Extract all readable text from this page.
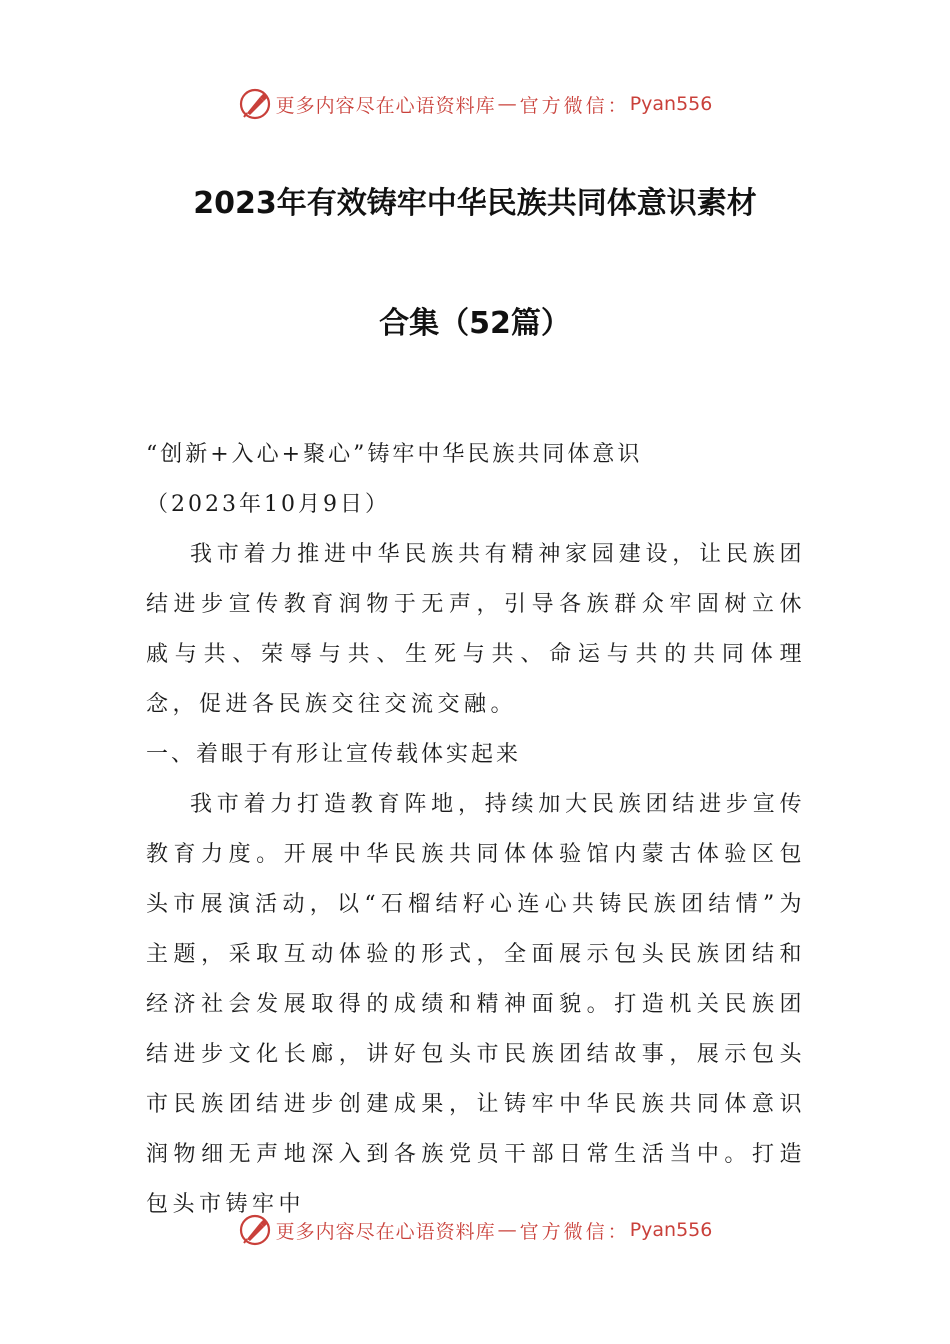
更多内容尽在心语资料库 — 官方微信： Pyan556
2023年有效铸牢中华民族共同体意识素材
合集（52篇）

“创新+入心+聚心”铸牢中华民族共同体意识

（2023年10月9日）

我市着力推进中华民族共有精神家园建设，让民族团结进步宣传教育润物于无声，引导各族群众牢固树立休戚与共、荣辱与共、生死与共、命运与共的共同体理念，促进各民族交往交流交融。

一、着眼于有形让宣传载体实起来

我市着力打造教育阵地，持续加大民族团结进步宣传教育力度。开展中华民族共同体体验馆内蒙古体验区包头市展演活动，以“石榴结籽心连心共铸民族团结情”为主题，采取互动体验的形式，全面展示包头民族团结和经济社会发展取得的成绩和精神面貌。打造机关民族团结进步文化长廊，讲好包头市民族团结故事，展示包头市民族团结进步创建成果，让铸牢中华民族共同体意识润物细无声地深入到各族党员干部日常生活当中。打造包头市铸牢中

更多内容尽在心语资料库 — 官方微信： Pyan556
